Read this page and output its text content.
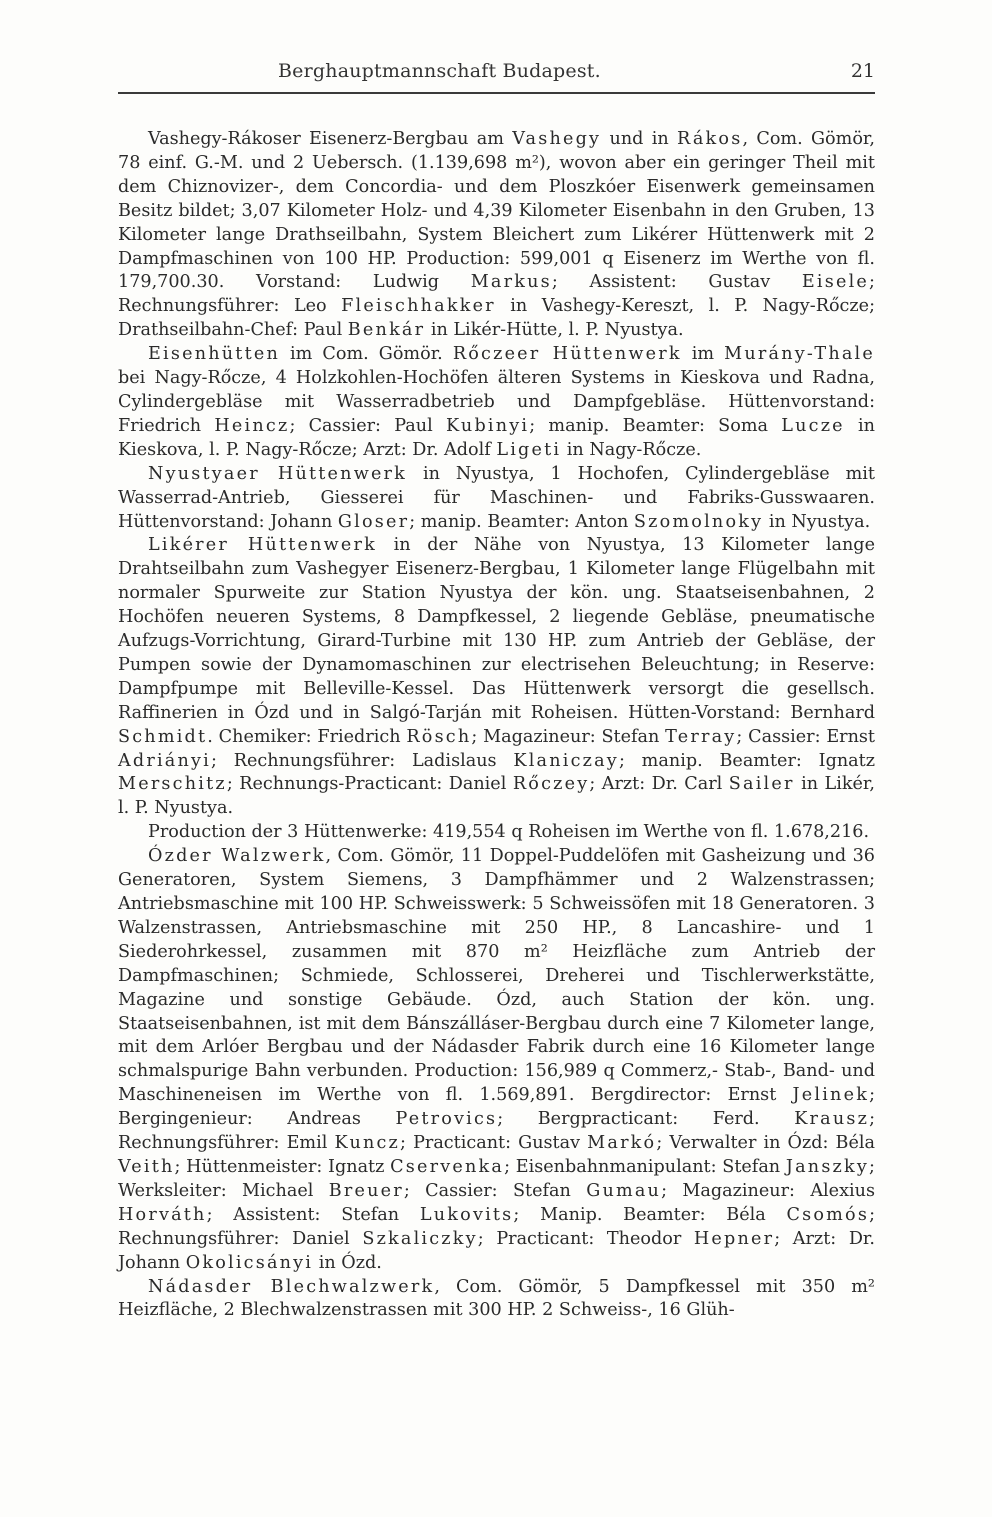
Berghauptmannschaft Budapest.	21

Vashegy-Rákoser Eisenerz-Bergbau am Vashegy und in Rákos, Com. Gömör, 78 einf. G.-M. und 2 Uebersch. (1.139,698 m²), wovon aber ein geringer Theil mit dem Chiznovizer-, dem Concordia- und dem Ploszkóer Eisenwerk gemeinsamen Besitz bildet; 3,07 Kilometer Holz- und 4,39 Kilometer Eisenbahn in den Gruben, 13 Kilometer lange Drathseilbahn, System Bleichert zum Likérer Hüttenwerk mit 2 Dampfmaschinen von 100 HP. Production: 599,001 q Eisenerz im Werthe von fl. 179,700.30. Vorstand: Ludwig Markus; Assistent: Gustav Eisele; Rechnungsführer: Leo Fleischhakker in Vashegy-Kereszt, l. P. Nagy-Rőcze; Drathseilbahn-Chef: Paul Benkár in Likér-Hütte, l. P. Nyustya.

Eisenhütten im Com. Gömör. Rőczeer Hüttenwerk im Murány-Thale bei Nagy-Rőcze, 4 Holzkohlen-Hochöfen älteren Systems in Kieskova und Radna, Cylindergebläse mit Wasserradbetrieb und Dampfgebläse. Hüttenvorstand: Friedrich Heincz; Cassier: Paul Kubinyi; manip. Beamter: Soma Lucze in Kieskova, l. P. Nagy-Rőcze; Arzt: Dr. Adolf Ligeti in Nagy-Rőcze.

Nyustyaer Hüttenwerk in Nyustya, 1 Hochofen, Cylindergebläse mit Wasserrad-Antrieb, Giesserei für Maschinen- und Fabriks-Gusswaaren. Hüttenvorstand: Johann Gloser; manip. Beamter: Anton Szomolnoky in Nyustya.

Likérer Hüttenwerk in der Nähe von Nyustya, 13 Kilometer lange Drahtseilbahn zum Vashegyer Eisenerz-Bergbau, 1 Kilometer lange Flügelbahn mit normaler Spurweite zur Station Nyustya der kön. ung. Staatseisenbahnen, 2 Hochöfen neueren Systems, 8 Dampfkessel, 2 liegende Gebläse, pneumatische Aufzugs-Vorrichtung, Girard-Turbine mit 130 HP. zum Antrieb der Gebläse, der Pumpen sowie der Dynamomaschinen zur electrisehen Beleuchtung; in Reserve: Dampfpumpe mit Belleville-Kessel. Das Hüttenwerk versorgt die gesellsch. Raffinerien in Ózd und in Salgó-Tarján mit Roheisen. Hütten-Vorstand: Bernhard Schmidt. Chemiker: Friedrich Rösch; Magazineur: Stefan Terray; Cassier: Ernst Adriányi; Rechnungsführer: Ladislaus Klaniczay; manip. Beamter: Ignatz Merschitz; Rechnungs-Practicant: Daniel Rőczey; Arzt: Dr. Carl Sailer in Likér, l. P. Nyustya.

Production der 3 Hüttenwerke: 419,554 q Roheisen im Werthe von fl. 1.678,216.

Ózder Walzwerk, Com. Gömör, 11 Doppel-Puddelöfen mit Gasheizung und 36 Generatoren, System Siemens, 3 Dampfhämmer und 2 Walzenstrassen; Antriebsmaschine mit 100 HP. Schweisswerk: 5 Schweissöfen mit 18 Generatoren. 3 Walzenstrassen, Antriebsmaschine mit 250 HP., 8 Lancashire- und 1 Siederohrkessel, zusammen mit 870 m² Heizfläche zum Antrieb der Dampfmaschinen; Schmiede, Schlosserei, Dreherei und Tischlerwerkstätte, Magazine und sonstige Gebäude. Ózd, auch Station der kön. ung. Staatseisenbahnen, ist mit dem Bánszálláser-Bergbau durch eine 7 Kilometer lange, mit dem Arlóer Bergbau und der Nádasder Fabrik durch eine 16 Kilometer lange schmalspurige Bahn verbunden. Production: 156,989 q Commerz,- Stab-, Band- und Maschineneisen im Werthe von fl. 1.569,891. Bergdirector: Ernst Jelinek; Bergingenieur: Andreas Petrovics; Bergpracticant: Ferd. Krausz; Rechnungsführer: Emil Kuncz; Practicant: Gustav Markó; Verwalter in Ózd: Béla Veith; Hüttenmeister: Ignatz Cservenka; Eisenbahnmanipulant: Stefan Janszky; Werksleiter: Michael Breuer; Cassier: Stefan Gumau; Magazineur: Alexius Horváth; Assistent: Stefan Lukovits; Manip. Beamter: Béla Csomós; Rechnungsführer: Daniel Szkaliczky; Practicant: Theodor Hepner; Arzt: Dr. Johann Okolicsányi in Ózd.

Nádasder Blechwalzwerk, Com. Gömör, 5 Dampfkessel mit 350 m² Heizfläche, 2 Blechwalzenstrassen mit 300 HP. 2 Schweiss-, 16 Glüh-
